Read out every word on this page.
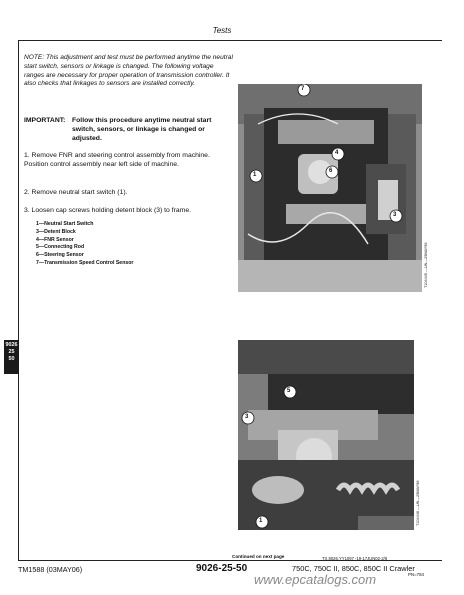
Tests
NOTE: This adjustment and test must be performed anytime the neutral start switch, sensors or linkage is changed. The following voltage ranges are necessary for proper operation of transmission controller. It also checks that linkages to sensors are installed correctly.
IMPORTANT: Follow this procedure anytime neutral start switch, sensors, or linkage is changed or adjusted.
1. Remove FNR and steering control assembly from machine. Position control assembly near left side of machine.
2. Remove neutral start switch (1).
3. Loosen cap screws holding detent block (3) to frame.
1—Neutral Start Switch
3—Detent Block
4—FNR Sensor
5—Connecting Rod
6—Steering Sensor
7—Transmission Speed Control Sensor
9026
25
50
7
4
6
1
3
T104445 —UN—29MAY96
5
3
1	T104446 —UN—29MAY96
Continued on next page	TX,9026,YY1097 -19-17JUN02-2/8
TM1588 (03MAY06)	9026-25-50	750C, 750C II, 850C, 850C II Crawler
PN=784
www.epcatalogs.com
